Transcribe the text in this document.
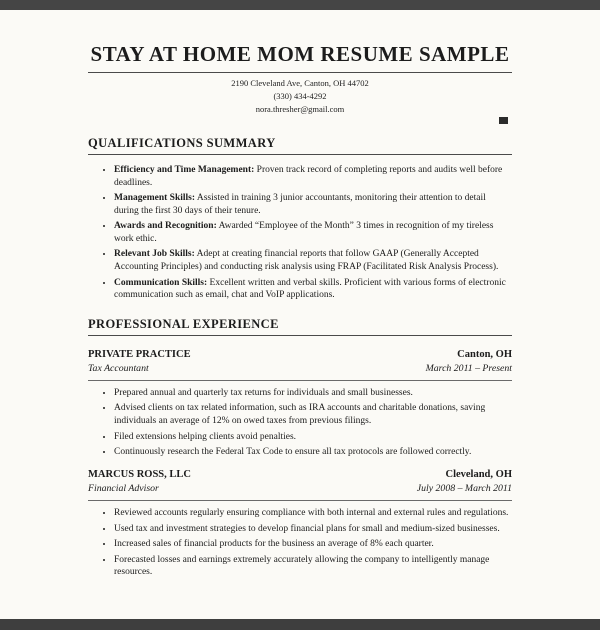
STAY AT HOME MOM RESUME SAMPLE
2190 Cleveland Ave, Canton, OH 44702
(330) 434-4292
nora.thresher@gmail.com
QUALIFICATIONS SUMMARY
• Efficiency and Time Management: Proven track record of completing reports and audits well before deadlines.
• Management Skills: Assisted in training 3 junior accountants, monitoring their attention to detail during the first 30 days of their tenure.
• Awards and Recognition: Awarded “Employee of the Month” 3 times in recognition of my tireless work ethic.
• Relevant Job Skills: Adept at creating financial reports that follow GAAP (Generally Accepted Accounting Principles) and conducting risk analysis using FRAP (Facilitated Risk Analysis Process).
• Communication Skills: Excellent written and verbal skills. Proficient with various forms of electronic communication such as email, chat and VoIP applications.
PROFESSIONAL EXPERIENCE
PRIVATE PRACTICE	Canton, OH
Tax Accountant	March 2011 – Present
• Prepared annual and quarterly tax returns for individuals and small businesses.
• Advised clients on tax related information, such as IRA accounts and charitable donations, saving individuals an average of 12% on owed taxes from previous filings.
• Filed extensions helping clients avoid penalties.
• Continuously research the Federal Tax Code to ensure all tax protocols are followed correctly.
MARCUS ROSS, LLC	Cleveland, OH
Financial Advisor	July 2008 – March 2011
• Reviewed accounts regularly ensuring compliance with both internal and external rules and regulations.
• Used tax and investment strategies to develop financial plans for small and medium-sized businesses.
• Increased sales of financial products for the business an average of 8% each quarter.
• Forecasted losses and earnings extremely accurately allowing the company to intelligently manage resources.
